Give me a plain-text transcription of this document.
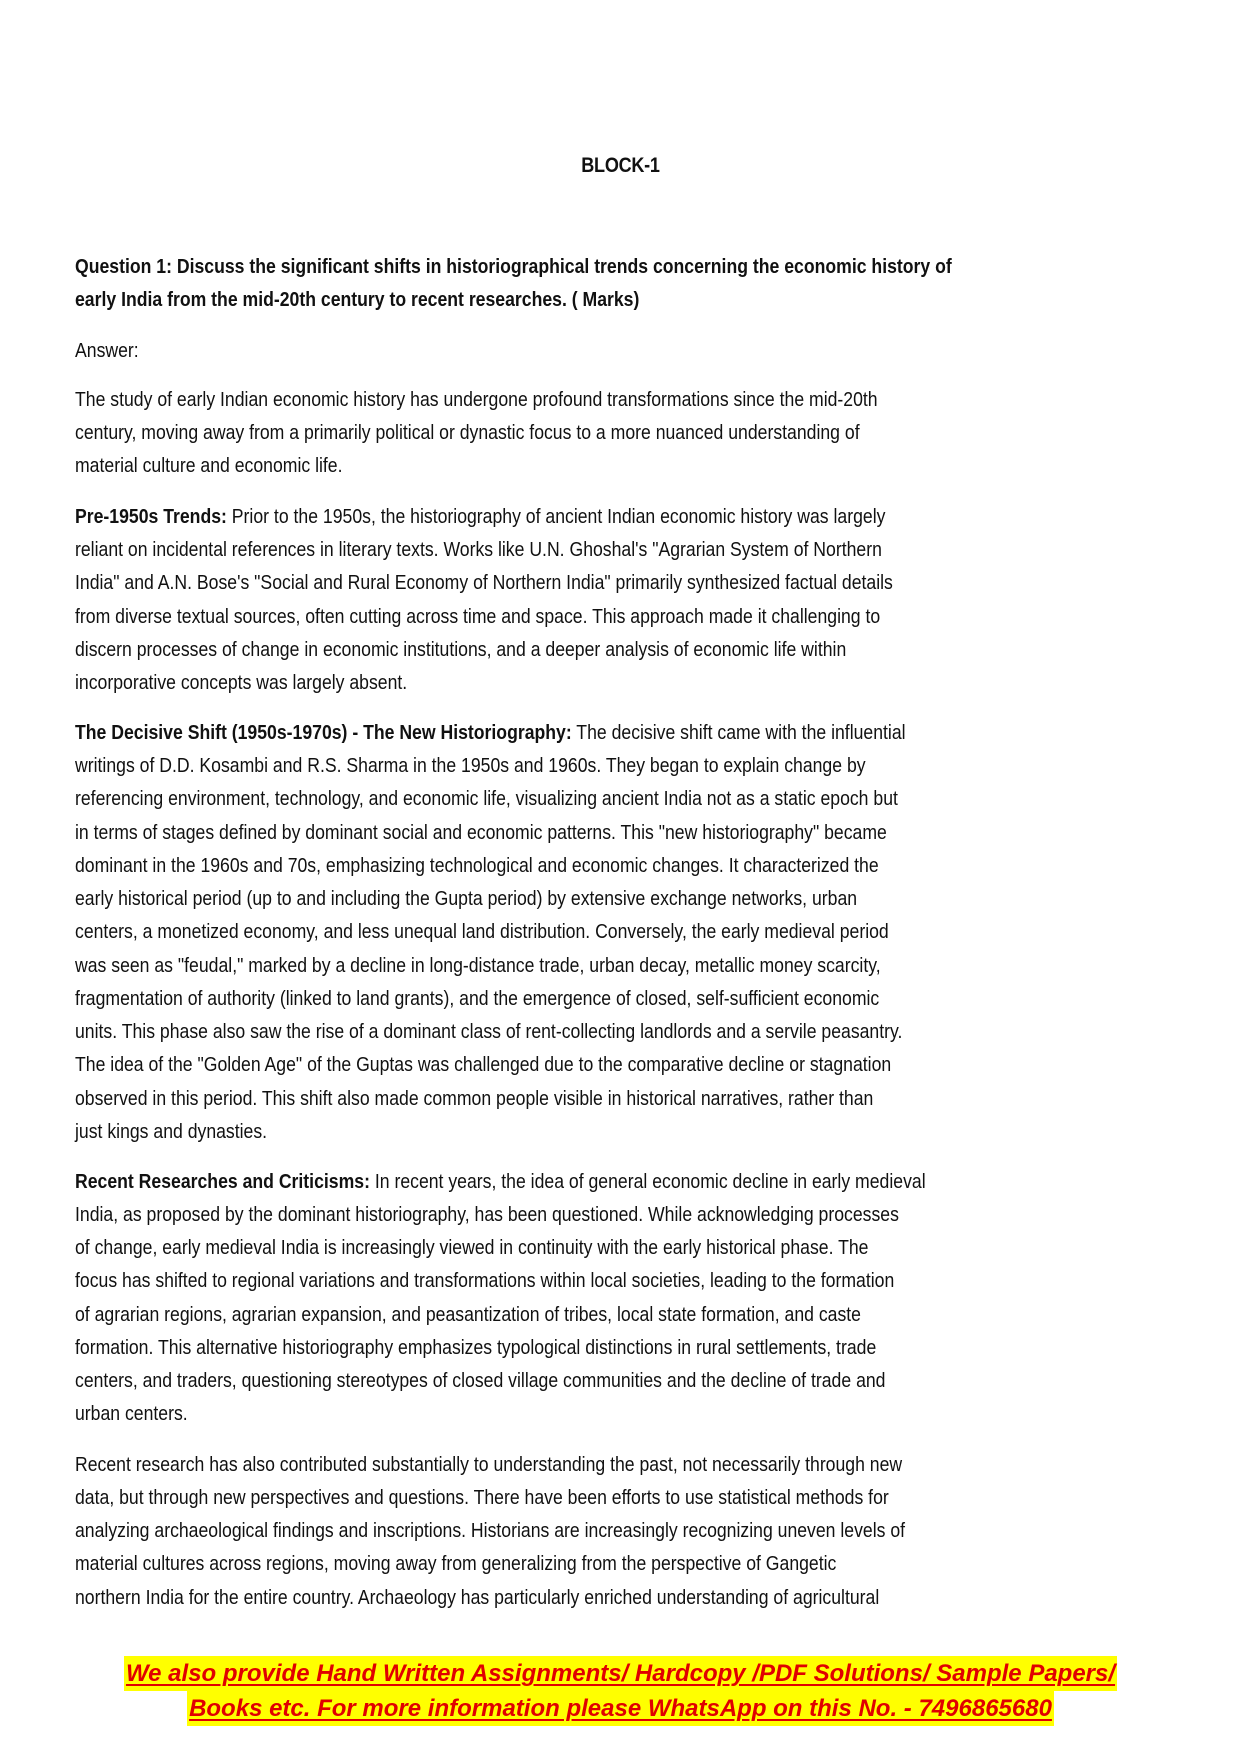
BLOCK-1
Question 1: Discuss the significant shifts in historiographical trends concerning the economic history of
early India from the mid-20th century to recent researches. ( Marks)
Answer:
The study of early Indian economic history has undergone profound transformations since the mid-20th
century, moving away from a primarily political or dynastic focus to a more nuanced understanding of
material culture and economic life.
Pre-1950s Trends: Prior to the 1950s, the historiography of ancient Indian economic history was largely
reliant on incidental references in literary texts. Works like U.N. Ghoshal's "Agrarian System of Northern
India" and A.N. Bose's "Social and Rural Economy of Northern India" primarily synthesized factual details
from diverse textual sources, often cutting across time and space. This approach made it challenging to
discern processes of change in economic institutions, and a deeper analysis of economic life within
incorporative concepts was largely absent.
The Decisive Shift (1950s-1970s) - The New Historiography: The decisive shift came with the influential
writings of D.D. Kosambi and R.S. Sharma in the 1950s and 1960s. They began to explain change by
referencing environment, technology, and economic life, visualizing ancient India not as a static epoch but
in terms of stages defined by dominant social and economic patterns. This "new historiography" became
dominant in the 1960s and 70s, emphasizing technological and economic changes. It characterized the
early historical period (up to and including the Gupta period) by extensive exchange networks, urban
centers, a monetized economy, and less unequal land distribution. Conversely, the early medieval period
was seen as "feudal," marked by a decline in long-distance trade, urban decay, metallic money scarcity,
fragmentation of authority (linked to land grants), and the emergence of closed, self-sufficient economic
units. This phase also saw the rise of a dominant class of rent-collecting landlords and a servile peasantry.
The idea of the "Golden Age" of the Guptas was challenged due to the comparative decline or stagnation
observed in this period. This shift also made common people visible in historical narratives, rather than
just kings and dynasties.
Recent Researches and Criticisms: In recent years, the idea of general economic decline in early medieval
India, as proposed by the dominant historiography, has been questioned. While acknowledging processes
of change, early medieval India is increasingly viewed in continuity with the early historical phase. The
focus has shifted to regional variations and transformations within local societies, leading to the formation
of agrarian regions, agrarian expansion, and peasantization of tribes, local state formation, and caste
formation. This alternative historiography emphasizes typological distinctions in rural settlements, trade
centers, and traders, questioning stereotypes of closed village communities and the decline of trade and
urban centers.
Recent research has also contributed substantially to understanding the past, not necessarily through new
data, but through new perspectives and questions. There have been efforts to use statistical methods for
analyzing archaeological findings and inscriptions. Historians are increasingly recognizing uneven levels of
material cultures across regions, moving away from generalizing from the perspective of Gangetic
northern India for the entire country. Archaeology has particularly enriched understanding of agricultural
We also provide Hand Written Assignments/ Hardcopy /PDF Solutions/ Sample Papers/
Books etc. For more information please WhatsApp on this No. - 7496865680
